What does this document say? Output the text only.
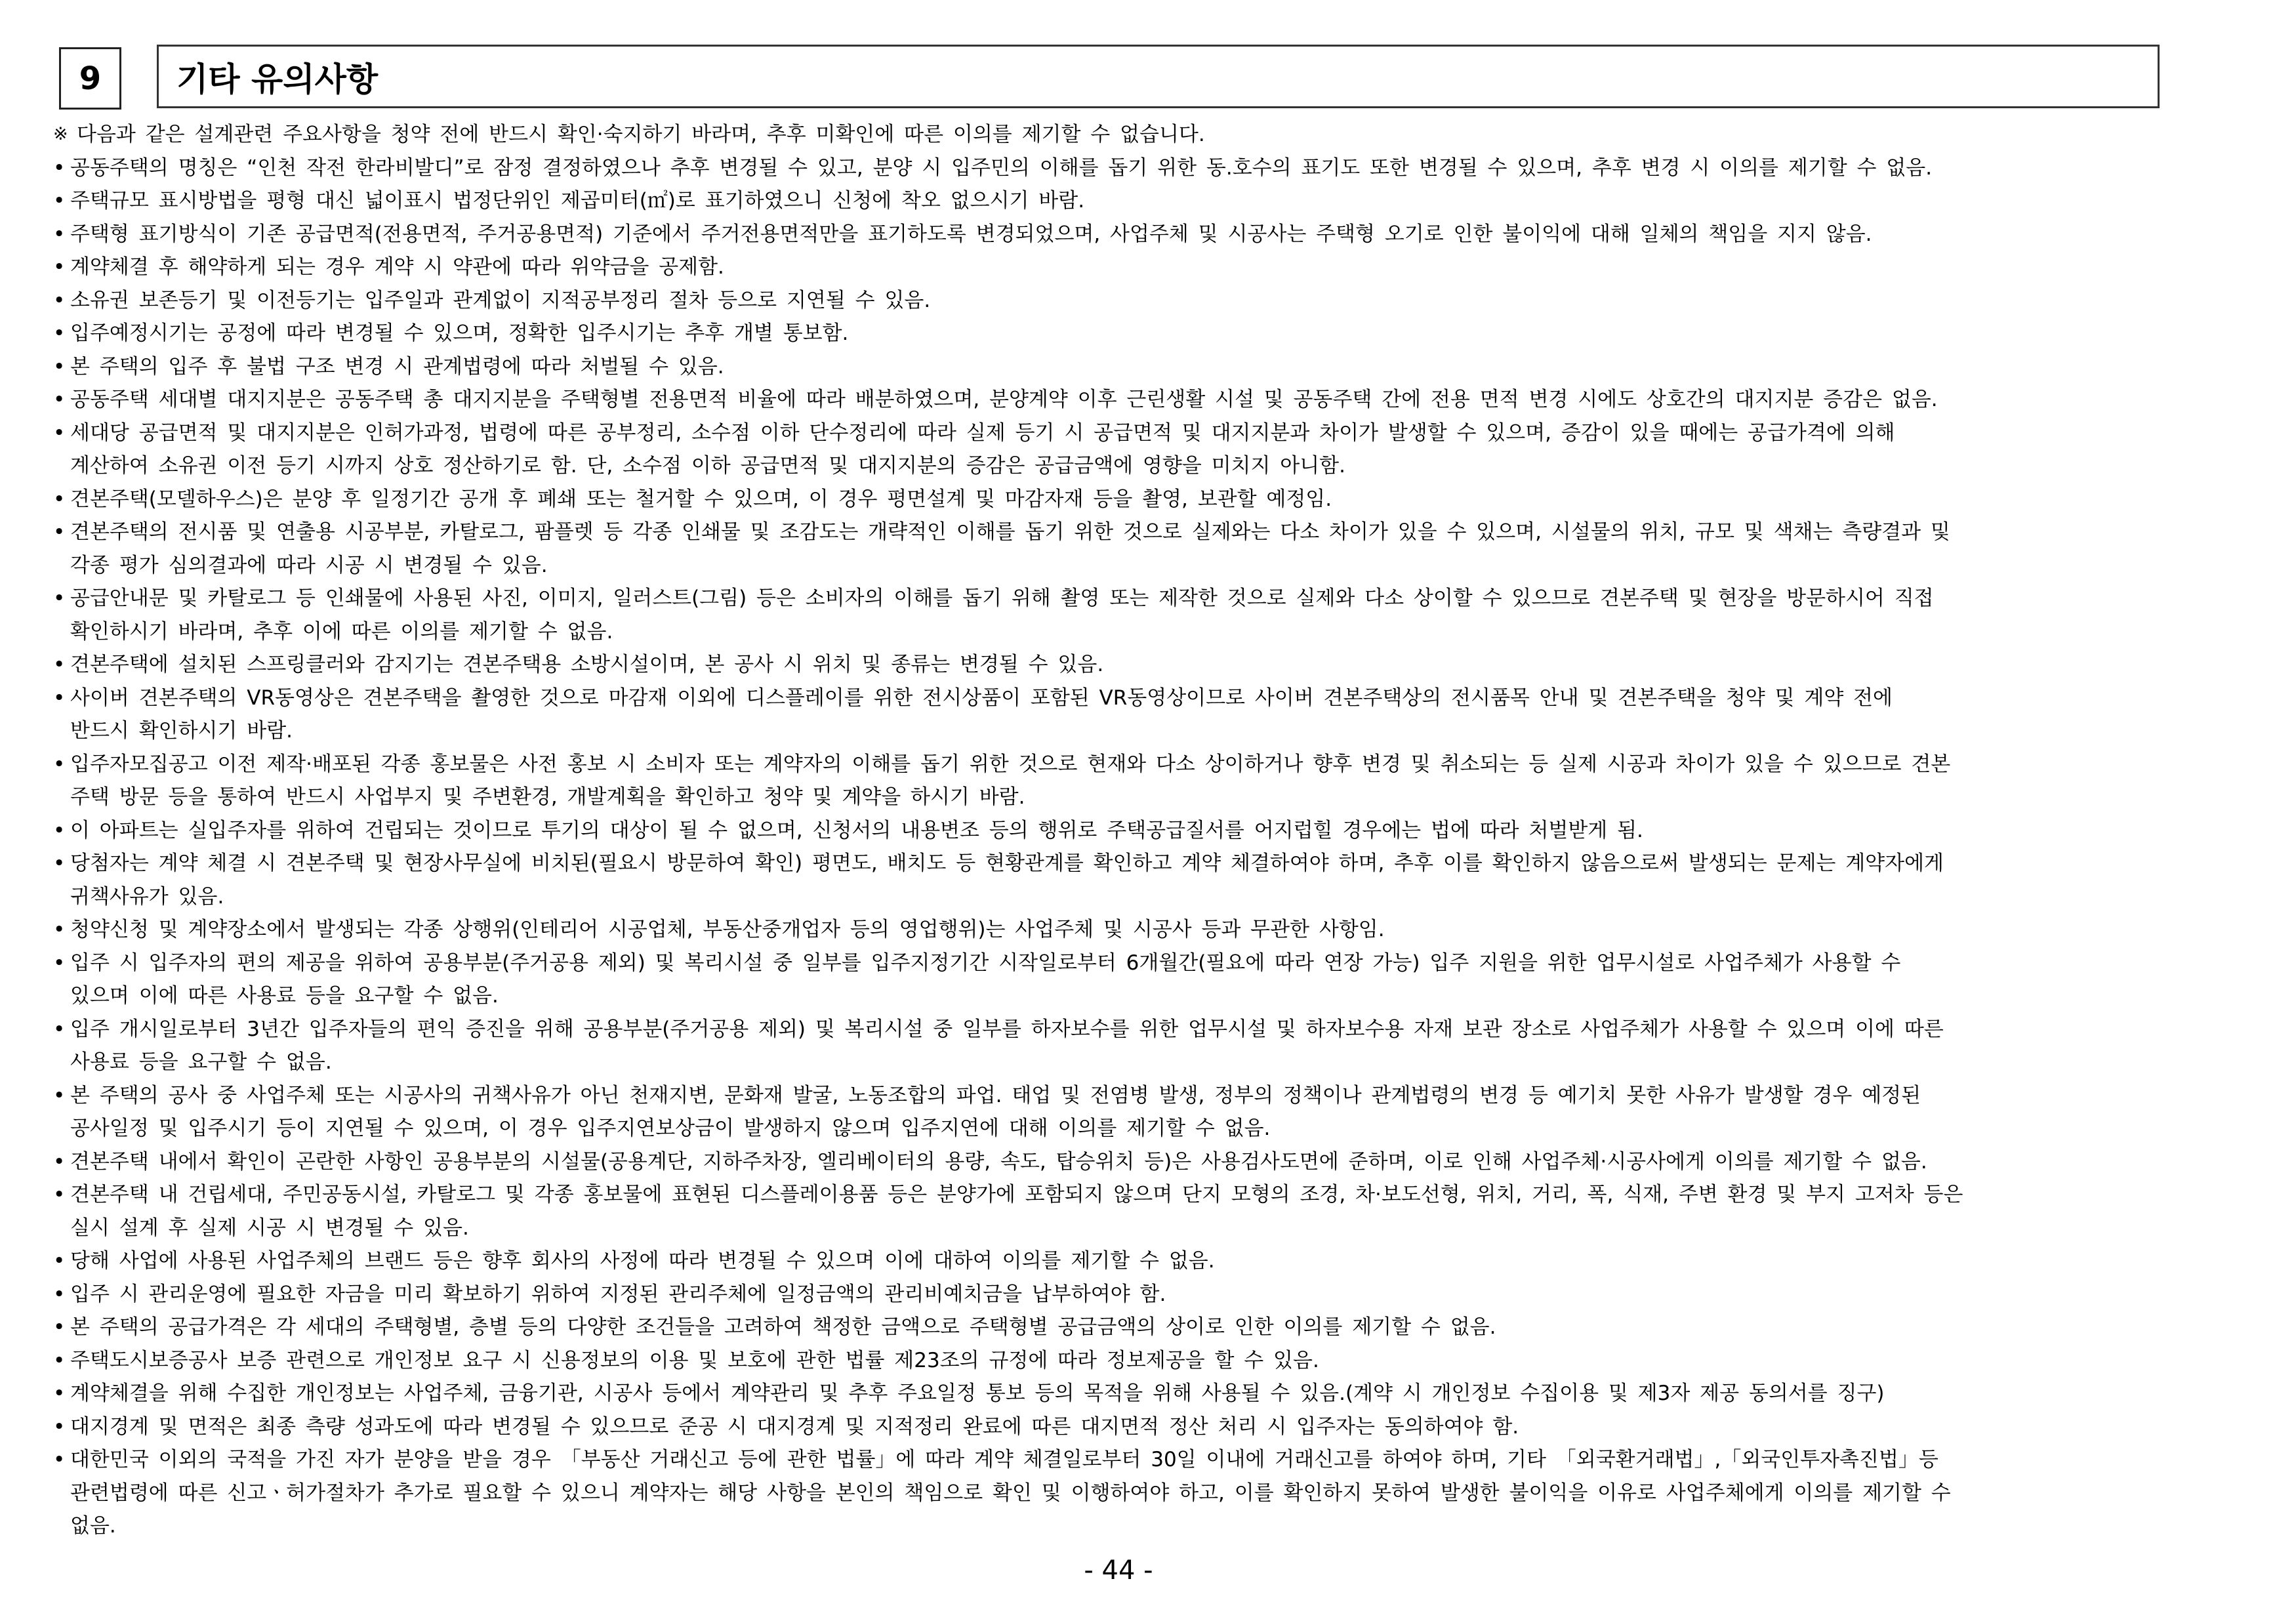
9	기타 유의사항
※ 다음과 같은 설계관련 주요사항을 청약 전에 반드시 확인·숙지하기 바라며, 추후 미확인에 따른 이의를 제기할 수 없습니다.
• 공동주택의 명칭은 “인천 작전 한라비발디”로 잠정 결정하였으나 추후 변경될 수 있고, 분양 시 입주민의 이해를 돕기 위한 동.호수의 표기도 또한 변경될 수 있으며, 추후 변경 시 이의를 제기할 수 없음.
• 주택규모 표시방법을 평형 대신 넓이표시 법정단위인 제곱미터(㎡)로 표기하였으니 신청에 착오 없으시기 바람.
• 주택형 표기방식이 기존 공급면적(전용면적, 주거공용면적) 기준에서 주거전용면적만을 표기하도록 변경되었으며, 사업주체 및 시공사는 주택형 오기로 인한 불이익에 대해 일체의 책임을 지지 않음.
• 계약체결 후 해약하게 되는 경우 계약 시 약관에 따라 위약금을 공제함.
• 소유권 보존등기 및 이전등기는 입주일과 관계없이 지적공부정리 절차 등으로 지연될 수 있음.
• 입주예정시기는 공정에 따라 변경될 수 있으며, 정확한 입주시기는 추후 개별 통보함.
• 본 주택의 입주 후 불법 구조 변경 시 관계법령에 따라 처벌될 수 있음.
• 공동주택 세대별 대지지분은 공동주택 총 대지지분을 주택형별 전용면적 비율에 따라 배분하였으며, 분양계약 이후 근린생활 시설 및 공동주택 간에 전용 면적 변경 시에도 상호간의 대지지분 증감은 없음.
• 세대당 공급면적 및 대지지분은 인허가과정, 법령에 따른 공부정리, 소수점 이하 단수정리에 따라 실제 등기 시 공급면적 및 대지지분과 차이가 발생할 수 있으며, 증감이 있을 때에는 공급가격에 의해
계산하여 소유권 이전 등기 시까지 상호 정산하기로 함. 단, 소수점 이하 공급면적 및 대지지분의 증감은 공급금액에 영향을 미치지 아니함.
• 견본주택(모델하우스)은 분양 후 일정기간 공개 후 폐쇄 또는 철거할 수 있으며, 이 경우 평면설계 및 마감자재 등을 촬영, 보관할 예정임.
• 견본주택의 전시품 및 연출용 시공부분, 카탈로그, 팜플렛 등 각종 인쇄물 및 조감도는 개략적인 이해를 돕기 위한 것으로 실제와는 다소 차이가 있을 수 있으며, 시설물의 위치, 규모 및 색채는 측량결과 및
각종 평가 심의결과에 따라 시공 시 변경될 수 있음.
• 공급안내문 및 카탈로그 등 인쇄물에 사용된 사진, 이미지, 일러스트(그림) 등은 소비자의 이해를 돕기 위해 촬영 또는 제작한 것으로 실제와 다소 상이할 수 있으므로 견본주택 및 현장을 방문하시어 직접
확인하시기 바라며, 추후 이에 따른 이의를 제기할 수 없음.
• 견본주택에 설치된 스프링클러와 감지기는 견본주택용 소방시설이며, 본 공사 시 위치 및 종류는 변경될 수 있음.
• 사이버 견본주택의 VR동영상은 견본주택을 촬영한 것으로 마감재 이외에 디스플레이를 위한 전시상품이 포함된 VR동영상이므로 사이버 견본주택상의 전시품목 안내 및 견본주택을 청약 및 계약 전에
반드시 확인하시기 바람.
• 입주자모집공고 이전 제작·배포된 각종 홍보물은 사전 홍보 시 소비자 또는 계약자의 이해를 돕기 위한 것으로 현재와 다소 상이하거나 향후 변경 및 취소되는 등 실제 시공과 차이가 있을 수 있으므로 견본
주택 방문 등을 통하여 반드시 사업부지 및 주변환경, 개발계획을 확인하고 청약 및 계약을 하시기 바람.
• 이 아파트는 실입주자를 위하여 건립되는 것이므로 투기의 대상이 될 수 없으며, 신청서의 내용변조 등의 행위로 주택공급질서를 어지럽힐 경우에는 법에 따라 처벌받게 됨.
• 당첨자는 계약 체결 시 견본주택 및 현장사무실에 비치된(필요시 방문하여 확인) 평면도, 배치도 등 현황관계를 확인하고 계약 체결하여야 하며, 추후 이를 확인하지 않음으로써 발생되는 문제는 계약자에게
귀책사유가 있음.
• 청약신청 및 계약장소에서 발생되는 각종 상행위(인테리어 시공업체, 부동산중개업자 등의 영업행위)는 사업주체 및 시공사 등과 무관한 사항임.
• 입주 시 입주자의 편의 제공을 위하여 공용부분(주거공용 제외) 및 복리시설 중 일부를 입주지정기간 시작일로부터 6개월간(필요에 따라 연장 가능) 입주 지원을 위한 업무시설로 사업주체가 사용할 수
있으며 이에 따른 사용료 등을 요구할 수 없음.
• 입주 개시일로부터 3년간 입주자들의 편익 증진을 위해 공용부분(주거공용 제외) 및 복리시설 중 일부를 하자보수를 위한 업무시설 및 하자보수용 자재 보관 장소로 사업주체가 사용할 수 있으며 이에 따른
사용료 등을 요구할 수 없음.
• 본 주택의 공사 중 사업주체 또는 시공사의 귀책사유가 아닌 천재지변, 문화재 발굴, 노동조합의 파업. 태업 및 전염병 발생, 정부의 정책이나 관계법령의 변경 등 예기치 못한 사유가 발생할 경우 예정된
공사일정 및 입주시기 등이 지연될 수 있으며, 이 경우 입주지연보상금이 발생하지 않으며 입주지연에 대해 이의를 제기할 수 없음.
• 견본주택 내에서 확인이 곤란한 사항인 공용부분의 시설물(공용계단, 지하주차장, 엘리베이터의 용량, 속도, 탑승위치 등)은 사용검사도면에 준하며, 이로 인해 사업주체·시공사에게 이의를 제기할 수 없음.
• 견본주택 내 건립세대, 주민공동시설, 카탈로그 및 각종 홍보물에 표현된 디스플레이용품 등은 분양가에 포함되지 않으며 단지 모형의 조경, 차·보도선형, 위치, 거리, 폭, 식재, 주변 환경 및 부지 고저차 등은
실시 설계 후 실제 시공 시 변경될 수 있음.
• 당해 사업에 사용된 사업주체의 브랜드 등은 향후 회사의 사정에 따라 변경될 수 있으며 이에 대하여 이의를 제기할 수 없음.
• 입주 시 관리운영에 필요한 자금을 미리 확보하기 위하여 지정된 관리주체에 일정금액의 관리비예치금을 납부하여야 함.
• 본 주택의 공급가격은 각 세대의 주택형별, 층별 등의 다양한 조건들을 고려하여 책정한 금액으로 주택형별 공급금액의 상이로 인한 이의를 제기할 수 없음.
• 주택도시보증공사 보증 관련으로 개인정보 요구 시 신용정보의 이용 및 보호에 관한 법률 제23조의 규정에 따라 정보제공을 할 수 있음.
• 계약체결을 위해 수집한 개인정보는 사업주체, 금융기관, 시공사 등에서 계약관리 및 추후 주요일정 통보 등의 목적을 위해 사용될 수 있음.(계약 시 개인정보 수집이용 및 제3자 제공 동의서를 징구)
• 대지경계 및 면적은 최종 측량 성과도에 따라 변경될 수 있으므로 준공 시 대지경계 및 지적정리 완료에 따른 대지면적 정산 처리 시 입주자는 동의하여야 함.
• 대한민국 이외의 국적을 가진 자가 분양을 받을 경우 「부동산 거래신고 등에 관한 법률」에 따라 계약 체결일로부터 30일 이내에 거래신고를 하여야 하며, 기타 「외국환거래법」,「외국인투자촉진법」등
관련법령에 따른 신고ㆍ허가절차가 추가로 필요할 수 있으니 계약자는 해당 사항을 본인의 책임으로 확인 및 이행하여야 하고, 이를 확인하지 못하여 발생한 불이익을 이유로 사업주체에게 이의를 제기할 수
없음.
- 44 -
